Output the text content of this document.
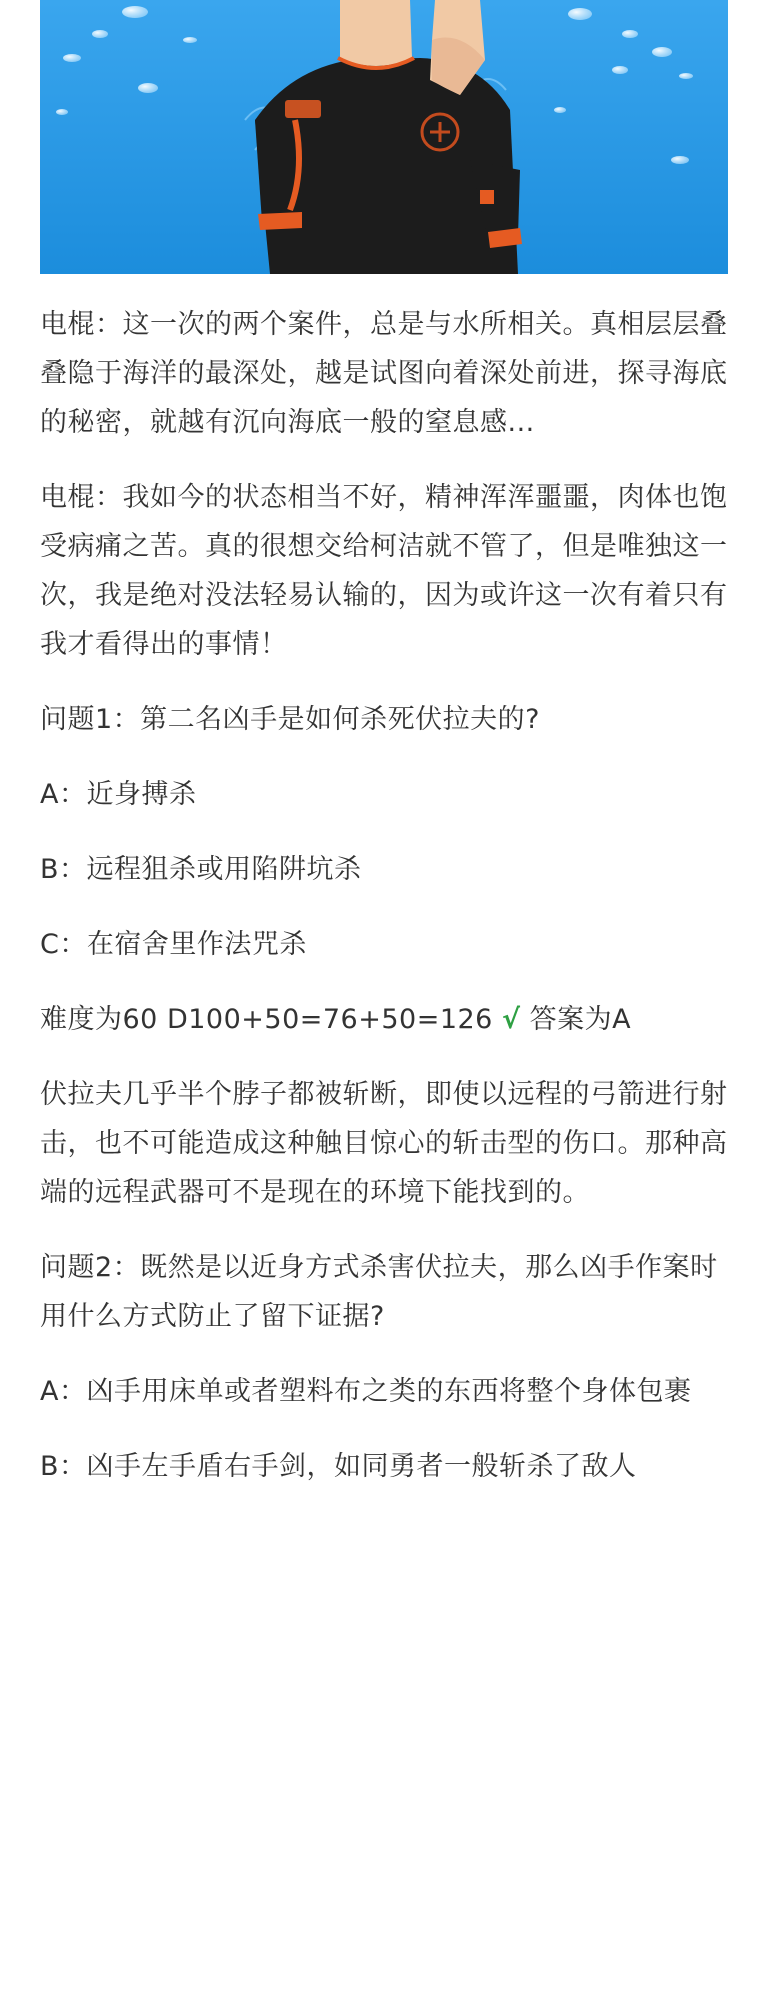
电棍：这一次的两个案件，总是与水所相关。真相层层叠叠隐于海洋的最深处，越是试图向着深处前进，探寻海底的秘密，就越有沉向海底一般的窒息感...

电棍：我如今的状态相当不好，精神浑浑噩噩，肉体也饱受病痛之苦。真的很想交给柯洁就不管了，但是唯独这一次，我是绝对没法轻易认输的，因为或许这一次有着只有我才看得出的事情！

问题1：第二名凶手是如何杀死伏拉夫的?

A：近身搏杀

B：远程狙杀或用陷阱坑杀

C：在宿舍里作法咒杀

难度为60 D100+50=76+50=126 √ 答案为A

伏拉夫几乎半个脖子都被斩断，即使以远程的弓箭进行射击，也不可能造成这种触目惊心的斩击型的伤口。那种高端的远程武器可不是现在的环境下能找到的。

问题2：既然是以近身方式杀害伏拉夫，那么凶手作案时用什么方式防止了留下证据?

A：凶手用床单或者塑料布之类的东西将整个身体包裹

B：凶手左手盾右手剑，如同勇者一般斩杀了敌人
